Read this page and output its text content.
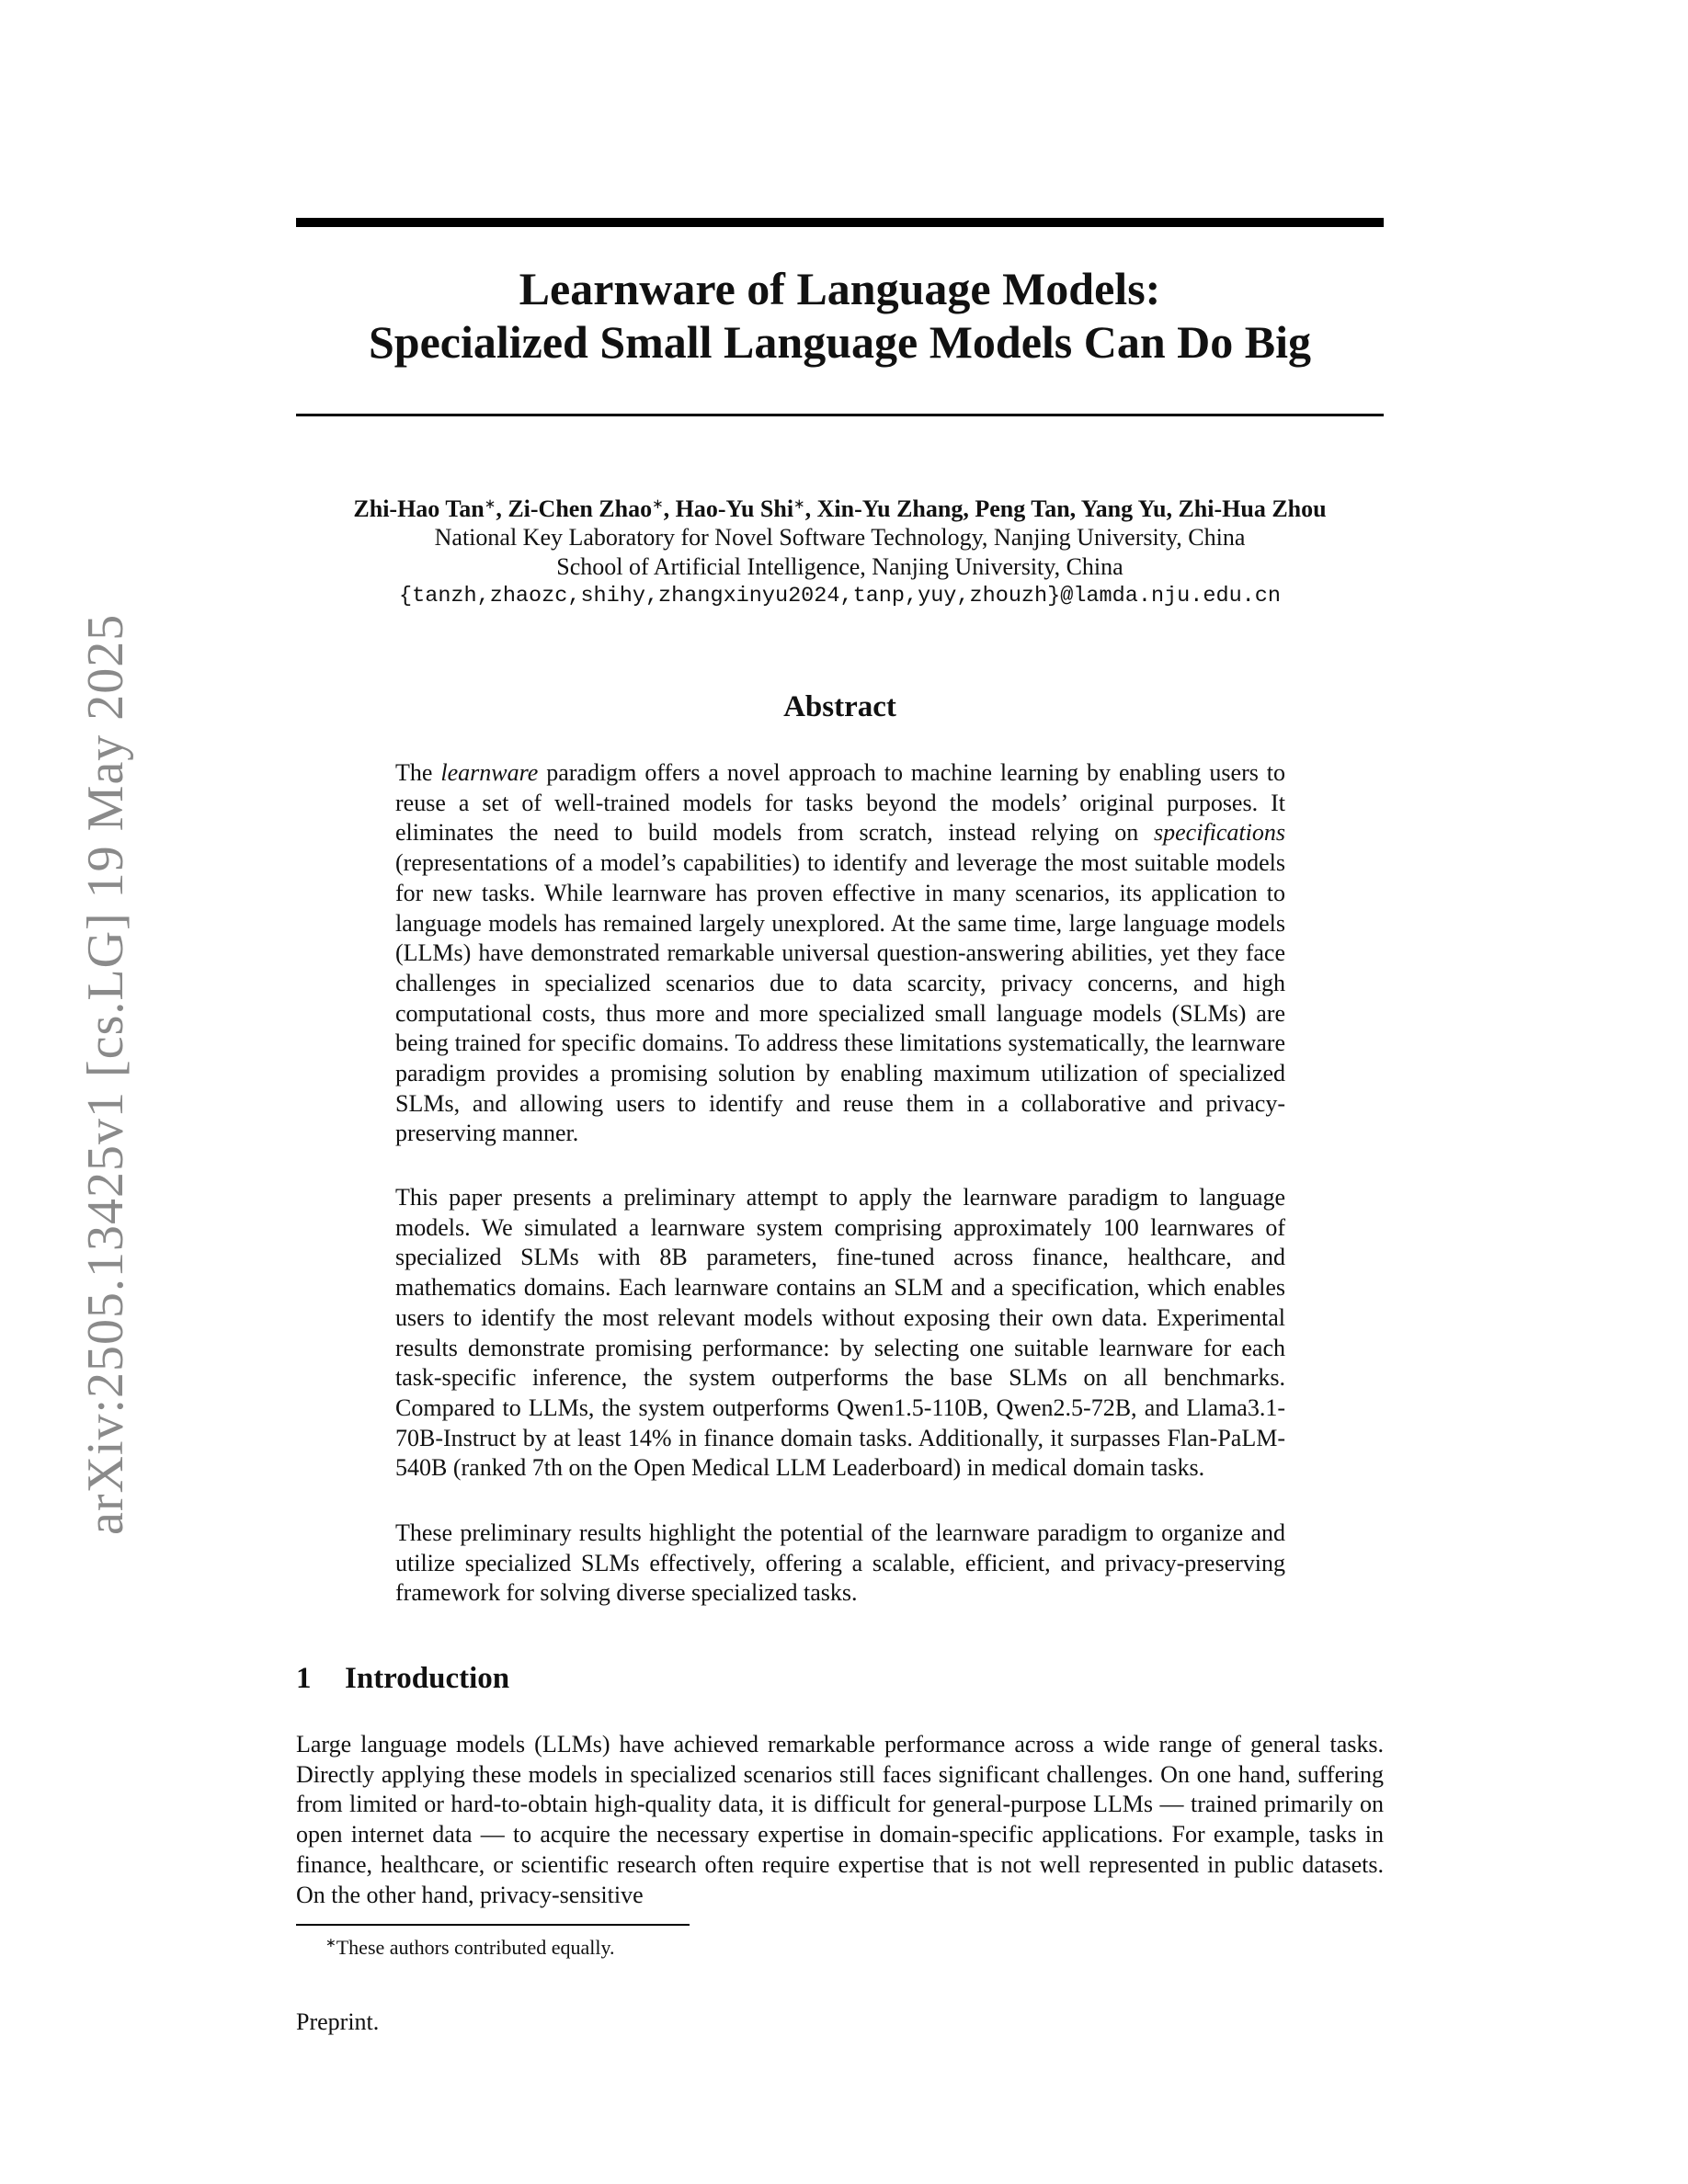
arXiv:2505.13425v1 [cs.LG] 19 May 2025
Learnware of Language Models:
Specialized Small Language Models Can Do Big
Zhi-Hao Tan∗, Zi-Chen Zhao∗, Hao-Yu Shi∗, Xin-Yu Zhang, Peng Tan, Yang Yu, Zhi-Hua Zhou
National Key Laboratory for Novel Software Technology, Nanjing University, China
School of Artificial Intelligence, Nanjing University, China
{tanzh,zhaozc,shihy,zhangxinyu2024,tanp,yuy,zhouzh}@lamda.nju.edu.cn
Abstract
The learnware paradigm offers a novel approach to machine learning by enabling users to reuse a set of well-trained models for tasks beyond the models’ original purposes. It eliminates the need to build models from scratch, instead relying on specifications (representations of a model’s capabilities) to identify and leverage the most suitable models for new tasks. While learnware has proven effective in many scenarios, its application to language models has remained largely unexplored. At the same time, large language models (LLMs) have demonstrated remarkable universal question-answering abilities, yet they face challenges in specialized scenarios due to data scarcity, privacy concerns, and high computational costs, thus more and more specialized small language models (SLMs) are being trained for specific domains. To address these limitations systematically, the learnware paradigm provides a promising solution by enabling maximum utilization of specialized SLMs, and allowing users to identify and reuse them in a collaborative and privacy-preserving manner.
This paper presents a preliminary attempt to apply the learnware paradigm to language models. We simulated a learnware system comprising approximately 100 learnwares of specialized SLMs with 8B parameters, fine-tuned across finance, healthcare, and mathematics domains. Each learnware contains an SLM and a specification, which enables users to identify the most relevant models without exposing their own data. Experimental results demonstrate promising performance: by selecting one suitable learnware for each task-specific inference, the system outperforms the base SLMs on all benchmarks. Compared to LLMs, the system outperforms Qwen1.5-110B, Qwen2.5-72B, and Llama3.1-70B-Instruct by at least 14% in finance domain tasks. Additionally, it surpasses Flan-PaLM-540B (ranked 7th on the Open Medical LLM Leaderboard) in medical domain tasks.
These preliminary results highlight the potential of the learnware paradigm to organize and utilize specialized SLMs effectively, offering a scalable, efficient, and privacy-preserving framework for solving diverse specialized tasks.
1 Introduction
Large language models (LLMs) have achieved remarkable performance across a wide range of general tasks. Directly applying these models in specialized scenarios still faces significant challenges. On one hand, suffering from limited or hard-to-obtain high-quality data, it is difficult for general-purpose LLMs — trained primarily on open internet data — to acquire the necessary expertise in domain-specific applications. For example, tasks in finance, healthcare, or scientific research often require expertise that is not well represented in public datasets. On the other hand, privacy-sensitive
∗These authors contributed equally.
Preprint.
